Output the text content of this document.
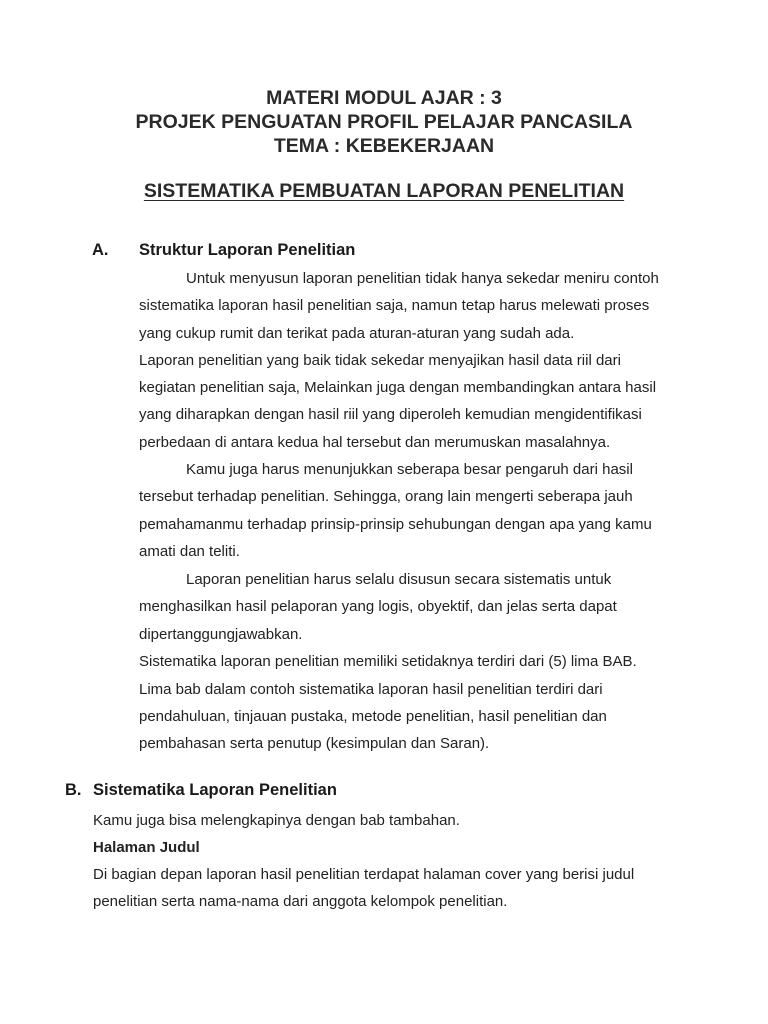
MATERI MODUL AJAR : 3
PROJEK PENGUATAN PROFIL PELAJAR PANCASILA
TEMA : KEBEKERJAAN
SISTEMATIKA PEMBUATAN LAPORAN PENELITIAN
A. Struktur Laporan Penelitian
Untuk menyusun laporan penelitian tidak hanya sekedar meniru contoh
sistematika laporan hasil penelitian saja, namun tetap harus melewati proses
yang cukup rumit dan terikat pada aturan-aturan yang sudah ada.
Laporan penelitian yang baik tidak sekedar menyajikan hasil data riil dari
kegiatan penelitian saja, Melainkan juga dengan membandingkan antara hasil
yang diharapkan dengan hasil riil yang diperoleh kemudian mengidentifikasi
perbedaan di antara kedua hal tersebut dan merumuskan masalahnya.
Kamu juga harus menunjukkan seberapa besar pengaruh dari hasil
tersebut terhadap penelitian. Sehingga, orang lain mengerti seberapa jauh
pemahamanmu terhadap prinsip-prinsip sehubungan dengan apa yang kamu
amati dan teliti.
Laporan penelitian harus selalu disusun secara sistematis untuk
menghasilkan hasil pelaporan yang logis, obyektif, dan jelas serta dapat
dipertanggungjawabkan.
Sistematika laporan penelitian memiliki setidaknya terdiri dari (5) lima BAB.
Lima bab dalam contoh sistematika laporan hasil penelitian terdiri dari
pendahuluan, tinjauan pustaka, metode penelitian, hasil penelitian dan
pembahasan serta penutup (kesimpulan dan Saran).
B. Sistematika Laporan Penelitian
Kamu juga bisa melengkapinya dengan bab tambahan.
Halaman Judul
Di bagian depan laporan hasil penelitian terdapat halaman cover yang berisi judul
penelitian serta nama-nama dari anggota kelompok penelitian.
